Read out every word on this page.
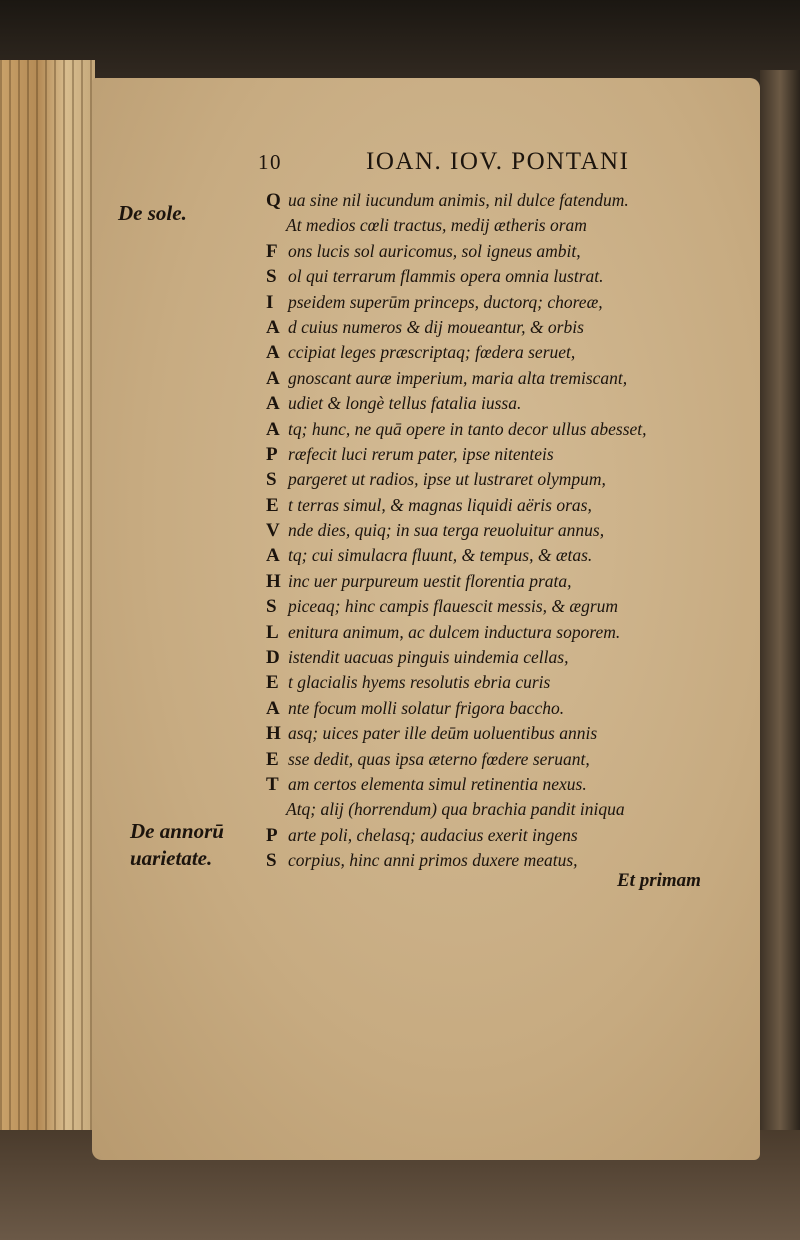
10	IOAN. IOV. PONTANI
De sole.
De annorū
uarietate.
Q ua sine nil iucundum animis, nil dulce fatendum.
At medios cœli tractus, medij ætheris oram
F ons lucis sol auricomus, sol igneus ambit,
S ol qui terrarum flammis opera omnia lustrat.
I pseidem superūm princeps, ductorq; choreæ,
A d cuius numeros & dij moueantur, & orbis
A ccipiat leges præscriptaq; fœdera seruet,
A gnoscant auræ imperium, maria alta tremiscant,
A udiet & longè tellus fatalia iussa.
A tq; hunc, ne quā opere in tanto decor ullus abesset,
P ræfecit luci rerum pater, ipse nitenteis
S pargeret ut radios, ipse ut lustraret olympum,
E t terras simul, & magnas liquidi aëris oras,
V nde dies, quiq; in sua terga reuoluitur annus,
A tq; cui simulacra fluunt, & tempus, & ætas.
H inc uer purpureum uestit florentia prata,
S piceaq; hinc campis flauescit messis, & ægrum
L enitura animum, ac dulcem inductura soporem.
D istendit uacuas pinguis uindemia cellas,
E t glacialis hyems resolutis ebria curis
A nte focum molli solatur frigora baccho.
H asq; uices pater ille deūm uoluentibus annis
E sse dedit, quas ipsa æterno fœdere seruant,
T am certos elementa simul retinentia nexus.
Atq; alij (horrendum) qua brachia pandit iniqua
P arte poli, chelasq; audacius exerit ingens
S corpius, hinc anni primos duxere meatus,
Et primam
